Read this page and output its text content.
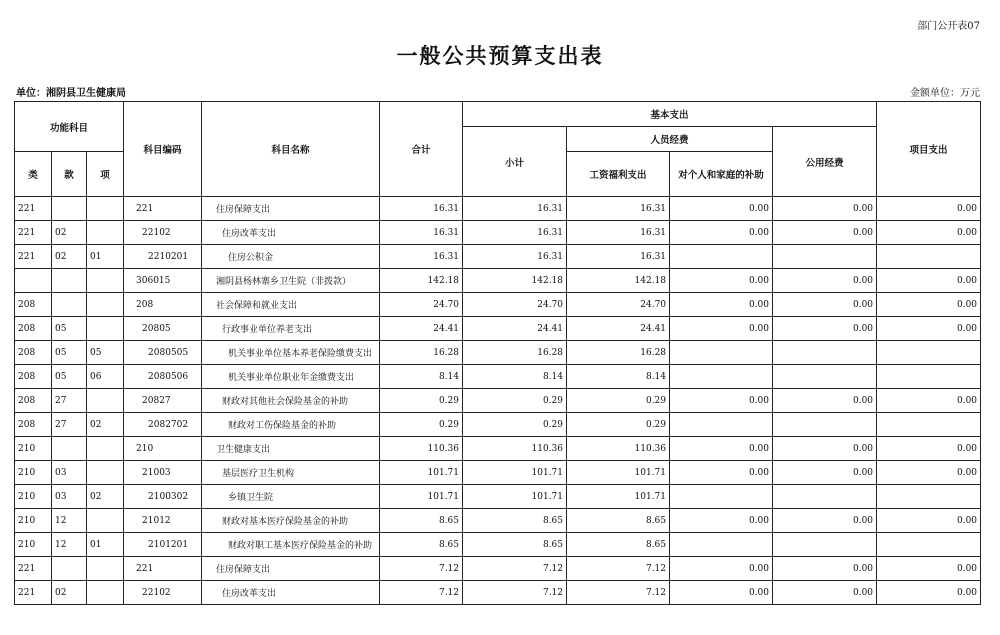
部门公开表07
一般公共预算支出表
单位：湘阴县卫生健康局	金额单位：万元
功能科目			科目编码	科目名称	合计	基本支出				项目支出
						小计	人员经费		公用经费	
类	款	项					工资福利支出	对个人和家庭的补助		
221			221	住房保障支出	16.31	16.31	16.31	0.00	0.00	0.00
221	02		22102	住房改革支出	16.31	16.31	16.31	0.00	0.00	0.00
221	02	01	2210201	住房公积金	16.31	16.31	16.31			
			306015	湘阴县杨林寨乡卫生院（非拨款）	142.18	142.18	142.18	0.00	0.00	0.00
208			208	社会保障和就业支出	24.70	24.70	24.70	0.00	0.00	0.00
208	05		20805	行政事业单位养老支出	24.41	24.41	24.41	0.00	0.00	0.00
208	05	05	2080505	机关事业单位基本养老保险缴费支出	16.28	16.28	16.28			
208	05	06	2080506	机关事业单位职业年金缴费支出	8.14	8.14	8.14			
208	27		20827	财政对其他社会保险基金的补助	0.29	0.29	0.29	0.00	0.00	0.00
208	27	02	2082702	财政对工伤保险基金的补助	0.29	0.29	0.29			
210			210	卫生健康支出	110.36	110.36	110.36	0.00	0.00	0.00
210	03		21003	基层医疗卫生机构	101.71	101.71	101.71	0.00	0.00	0.00
210	03	02	2100302	乡镇卫生院	101.71	101.71	101.71			
210	12		21012	财政对基本医疗保险基金的补助	8.65	8.65	8.65	0.00	0.00	0.00
210	12	01	2101201	财政对职工基本医疗保险基金的补助	8.65	8.65	8.65			
221			221	住房保障支出	7.12	7.12	7.12	0.00	0.00	0.00
221	02		22102	住房改革支出	7.12	7.12	7.12	0.00	0.00	0.00
